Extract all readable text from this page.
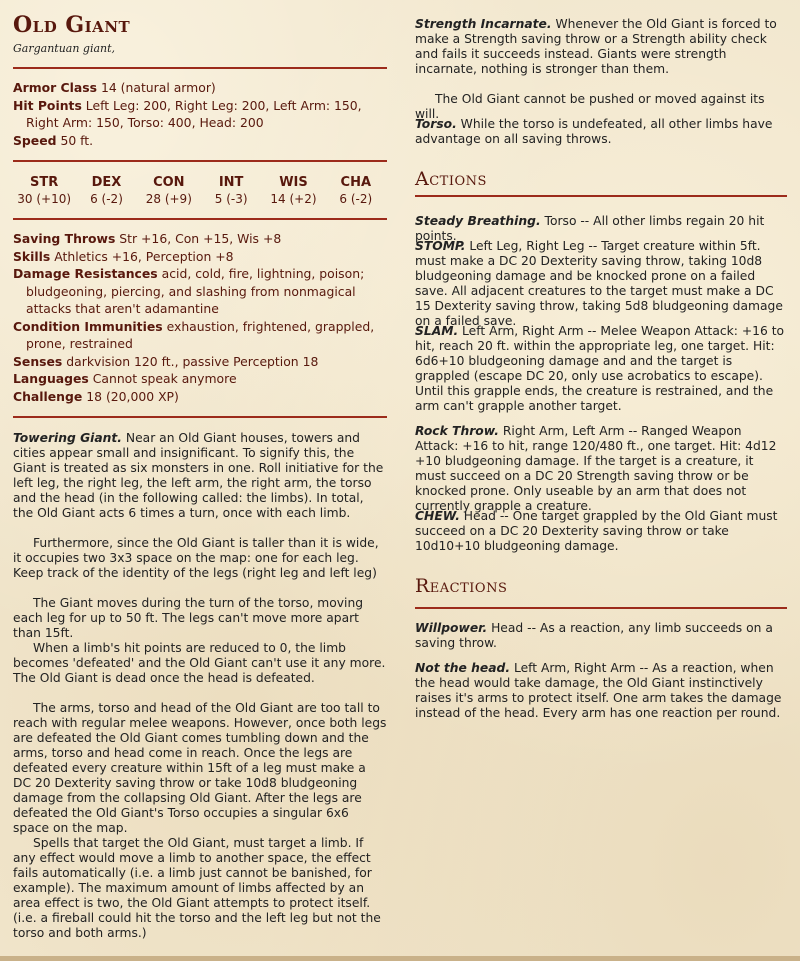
Old Giant
Gargantuan giant,

Armor Class 14 (natural armor)

Hit Points Left Leg: 200, Right Leg: 200, Left Arm: 150, Right Arm: 150, Torso: 400, Head: 200

Speed 50 ft.

STR
30 (+10)
DEX
6 (-2)
CON
28 (+9)
INT
5 (-3)
WIS
14 (+2)
CHA
6 (-2)

Saving Throws Str +16, Con +15, Wis +8

Skills Athletics +16, Perception +8

Damage Resistances acid, cold, fire, lightning, poison; bludgeoning, piercing, and slashing from nonmagical attacks that aren't adamantine

Condition Immunities exhaustion, frightened, grappled, prone, restrained

Senses darkvision 120 ft., passive Perception 18

Languages Cannot speak anymore

Challenge 18 (20,000 XP)

Towering Giant. Near an Old Giant houses, towers and cities appear small and insignificant. To signify this, the Giant is treated as six monsters in one. Roll initiative for the left leg, the right leg, the left arm, the right arm, the torso and the head (in the following called: the limbs). In total, the Old Giant acts 6 times a turn, once with each limb.

Furthermore, since the Old Giant is taller than it is wide, it occupies two 3x3 space on the map: one for each leg. Keep track of the identity of the legs (right leg and left leg)

The Giant moves during the turn of the torso, moving each leg for up to 50 ft. The legs can't move more apart than 15ft.

When a limb's hit points are reduced to 0, the limb becomes 'defeated' and the Old Giant can't use it any more. The Old Giant is dead once the head is defeated.

The arms, torso and head of the Old Giant are too tall to reach with regular melee weapons. However, once both legs are defeated the Old Giant comes tumbling down and the arms, torso and head come in reach. Once the legs are defeated every creature within 15ft of a leg must make a DC 20 Dexterity saving throw or take 10d8 bludgeoning damage from the collapsing Old Giant. After the legs are defeated the Old Giant's Torso occupies a singular 6x6 space on the map.

Spells that target the Old Giant, must target a limb. If any effect would move a limb to another space, the effect fails automatically (i.e. a limb just cannot be banished, for example). The maximum amount of limbs affected by an area effect is two, the Old Giant attempts to protect itself. (i.e. a fireball could hit the torso and the left leg but not the torso and both arms.)

Strength Incarnate. Whenever the Old Giant is forced to make a Strength saving throw or a Strength ability check and fails it succeeds instead. Giants were strength incarnate, nothing is stronger than them.

The Old Giant cannot be pushed or moved against its will.

Torso. While the torso is undefeated, all other limbs have advantage on all saving throws.

Actions

Steady Breathing. Torso -- All other limbs regain 20 hit points.

STOMP. Left Leg, Right Leg -- Target creature within 5ft. must make a DC 20 Dexterity saving throw, taking 10d8 bludgeoning damage and be knocked prone on a failed save. All adjacent creatures to the target must make a DC 15 Dexterity saving throw, taking 5d8 bludgeoning damage on a failed save.

SLAM. Left Arm, Right Arm -- Melee Weapon Attack: +16 to hit, reach 20 ft. within the appropriate leg, one target. Hit: 6d6+10 bludgeoning damage and and the target is grappled (escape DC 20, only use acrobatics to escape). Until this grapple ends, the creature is restrained, and the arm can't grapple another target.

Rock Throw. Right Arm, Left Arm -- Ranged Weapon Attack: +16 to hit, range 120/480 ft., one target. Hit: 4d12 +10 bludgeoning damage. If the target is a creature, it must succeed on a DC 20 Strength saving throw or be knocked prone. Only useable by an arm that does not currently grapple a creature.

CHEW. Head -- One target grappled by the Old Giant must succeed on a DC 20 Dexterity saving throw or take 10d10+10 bludgeoning damage.

Reactions

Willpower. Head -- As a reaction, any limb succeeds on a saving throw.

Not the head. Left Arm, Right Arm -- As a reaction, when the head would take damage, the Old Giant instinctively raises it's arms to protect itself. One arm takes the damage instead of the head. Every arm has one reaction per round.
